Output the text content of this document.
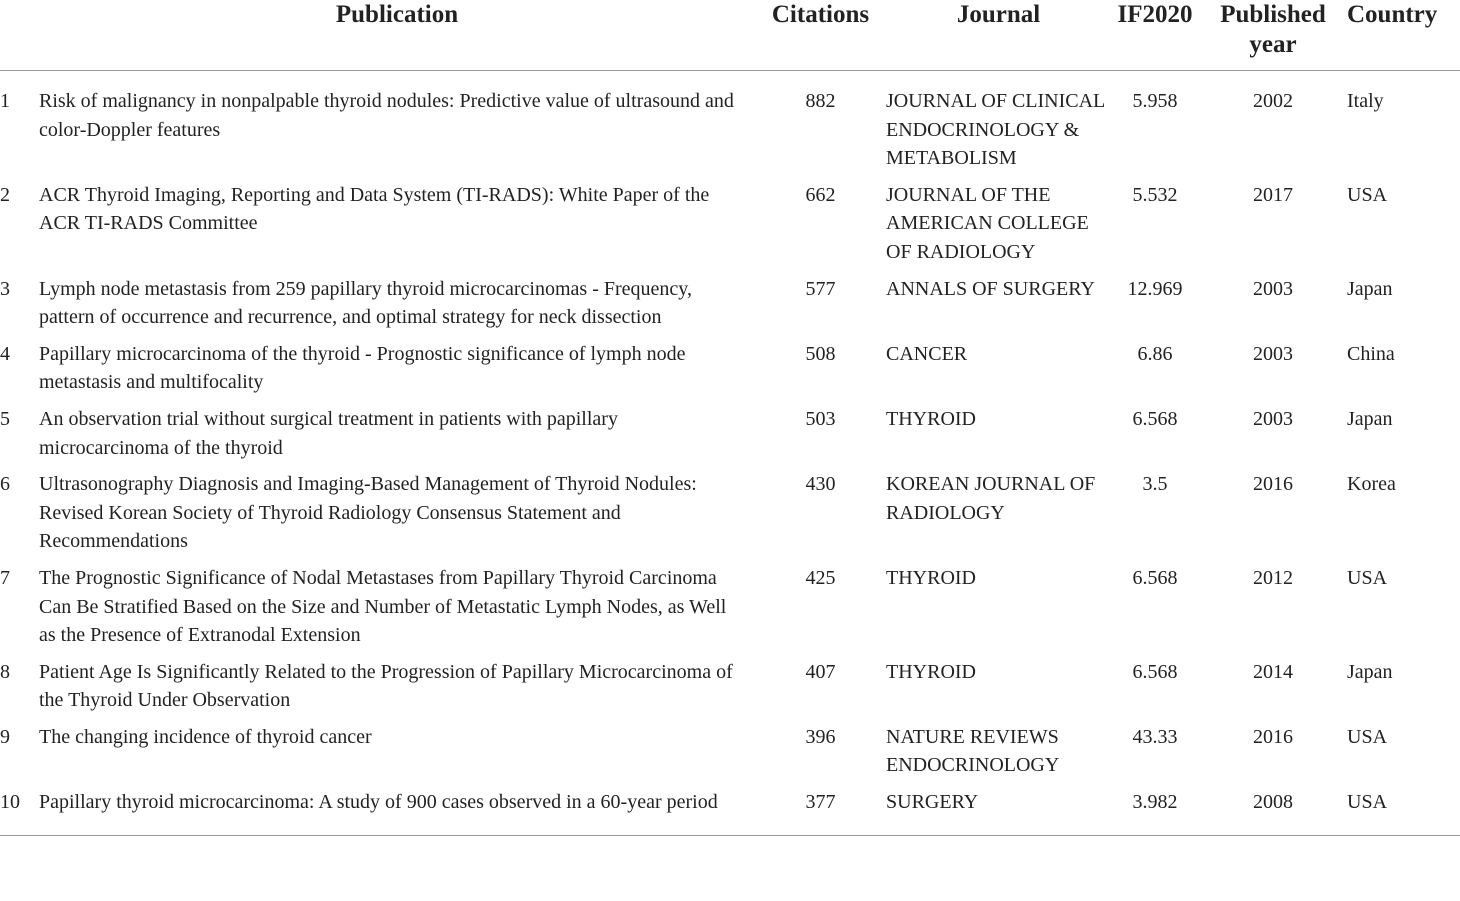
	Publication	Citations	Journal	IF2020	Published year	Country
1	Risk of malignancy in nonpalpable thyroid nodules: Predictive value of ultrasound and color-Doppler features	882	JOURNAL OF CLINICAL ENDOCRINOLOGY & METABOLISM	5.958	2002	Italy
2	ACR Thyroid Imaging, Reporting and Data System (TI-RADS): White Paper of the ACR TI-RADS Committee	662	JOURNAL OF THE AMERICAN COLLEGE OF RADIOLOGY	5.532	2017	USA
3	Lymph node metastasis from 259 papillary thyroid microcarcinomas - Frequency, pattern of occurrence and recurrence, and optimal strategy for neck dissection	577	ANNALS OF SURGERY	12.969	2003	Japan
4	Papillary microcarcinoma of the thyroid - Prognostic significance of lymph node metastasis and multifocality	508	CANCER	6.86	2003	China
5	An observation trial without surgical treatment in patients with papillary microcarcinoma of the thyroid	503	THYROID	6.568	2003	Japan
6	Ultrasonography Diagnosis and Imaging-Based Management of Thyroid Nodules: Revised Korean Society of Thyroid Radiology Consensus Statement and Recommendations	430	KOREAN JOURNAL OF RADIOLOGY	3.5	2016	Korea
7	The Prognostic Significance of Nodal Metastases from Papillary Thyroid Carcinoma Can Be Stratified Based on the Size and Number of Metastatic Lymph Nodes, as Well as the Presence of Extranodal Extension	425	THYROID	6.568	2012	USA
8	Patient Age Is Significantly Related to the Progression of Papillary Microcarcinoma of the Thyroid Under Observation	407	THYROID	6.568	2014	Japan
9	The changing incidence of thyroid cancer	396	NATURE REVIEWS ENDOCRINOLOGY	43.33	2016	USA
10	Papillary thyroid microcarcinoma: A study of 900 cases observed in a 60-year period	377	SURGERY	3.982	2008	USA
